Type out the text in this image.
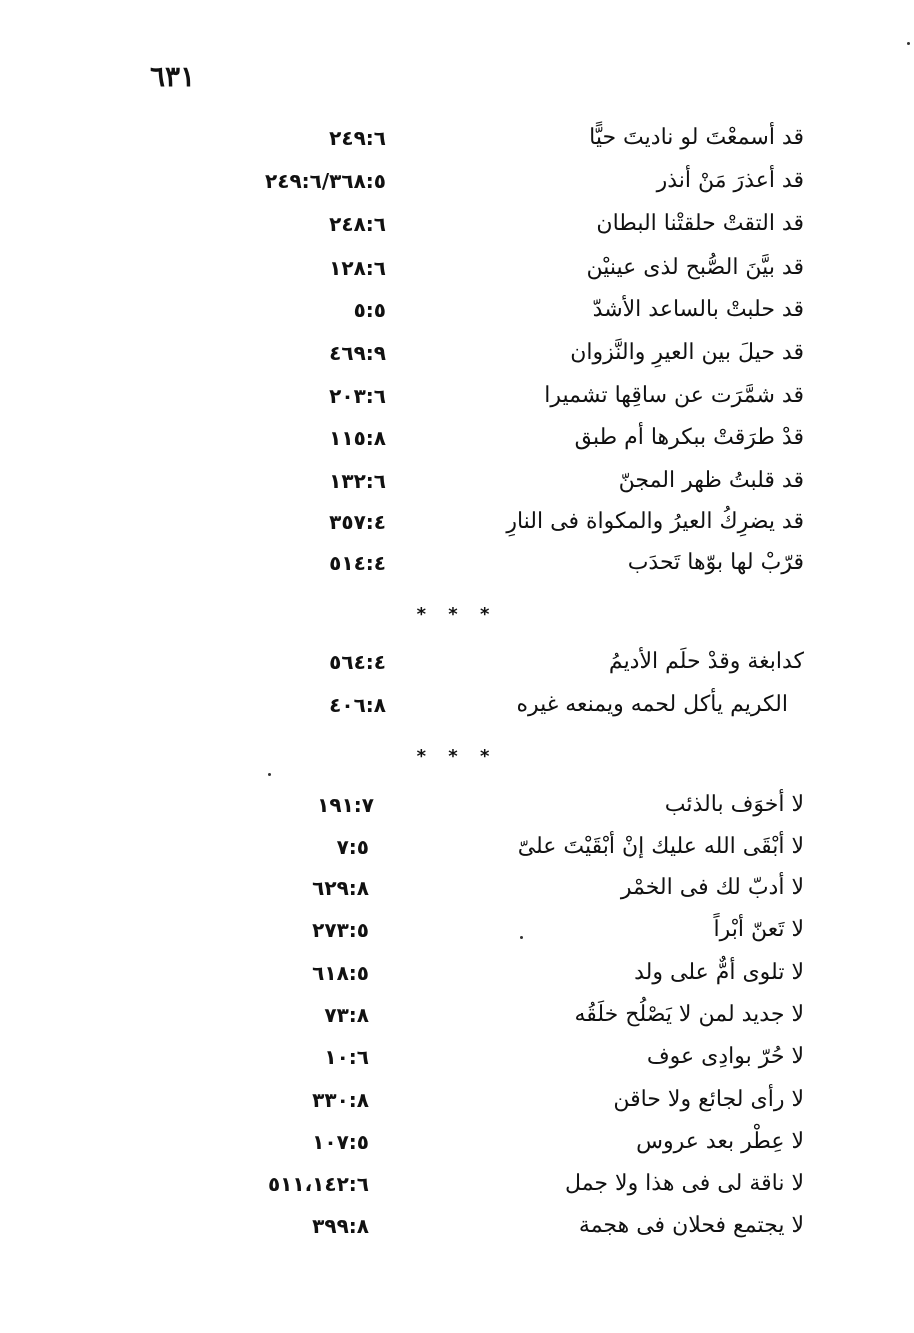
٦٣١
قد أسمعْتَ لو ناديتَ حيًّا
٢٤٩:٦
قد أعذرَ مَنْ أنذر
٢٤٩:٦/٣٦٨:٥
قد التقتْ حلقتْنا البطان
٢٤٨:٦
قد بيَّنَ الصُّبح لذى عينيْن
١٢٨:٦
قد حلبتْ بالساعد الأشدّ
٥:٥
قد حيلَ بين العيرِ والنَّزوان
٤٦٩:٩
قد شمَّرَت عن ساقِها تشميرا
٢٠٣:٦
قدْ طرَقتْ ببكرها أم طبق
١١٥:٨
قد قلبتُ ظهر المجنّ
١٣٢:٦
قد يضرِكُ العيرُ والمكواة فى النارِ
٣٥٧:٤
قرّبْ لها بوّها تَحدَب
٥١٤:٤
* * *
كدابغة وقدْ حلَم الأديمُ
٥٦٤:٤
الكريم يأكل لحمه ويمنعه غيره
٤٠٦:٨
* * *
لا أخوَف بالذئب
١٩١:٧
لا أبْقَى الله عليك إنْ أبْقَيْتَ علىّ
٧:٥
لا أدبّ لك فى الخمْر
٦٢٩:٨
لا تَعنّ أبْراً
٢٧٣:٥
لا تلوى أمٌّ على ولد
٦١٨:٥
لا جديد لمن لا يَصْلُح خلَقُه
٧٣:٨
لا حُرّ بوادِى عوف
١٠:٦
لا رأى لجائع ولا حاقن
٣٣٠:٨
لا عِطْر بعد عروس
١٠٧:٥
لا ناقة لى فى هذا ولا جمل
٥١١،١٤٢:٦
لا يجتمع فحلان فى هجمة
٣٩٩:٨
